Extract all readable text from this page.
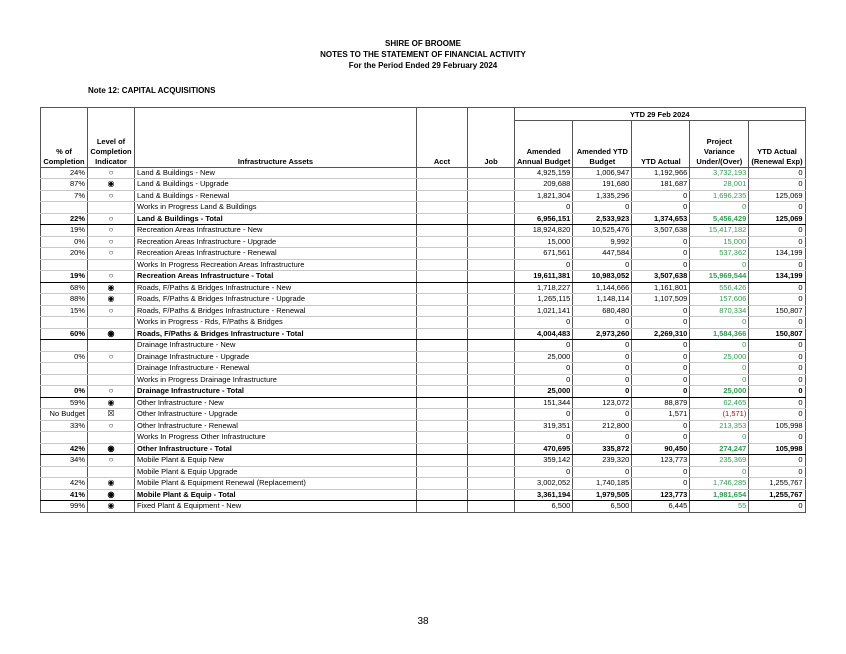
SHIRE OF BROOME
NOTES TO THE STATEMENT OF FINANCIAL ACTIVITY
For the Period Ended 29 February 2024
Note 12: CAPITAL ACQUISITIONS
					YTD 29 Feb 2024				
% of
Completion	Level of
Completion
Indicator	Infrastructure Assets	Acct	Job	Amended
Annual Budget	Amended YTD
Budget	YTD Actual	Project
Variance
Under/(Over)	YTD Actual
(Renewal Exp)
24%	○	Land & Buildings - New			4,925,159	1,006,947	1,192,966	3,732,193	0
87%	◉	Land & Buildings - Upgrade			209,688	191,680	181,687	28,001	0
7%	○	Land & Buildings - Renewal			1,821,304	1,335,296	0	1,696,235	125,069
		Works in Progress Land & Buildings			0	0	0	0	0
22%	○	Land & Buildings - Total			6,956,151	2,533,923	1,374,653	5,456,429	125,069
19%	○	Recreation Areas Infrastructure - New			18,924,820	10,525,476	3,507,638	15,417,182	0
0%	○	Recreation Areas Infrastructure - Upgrade			15,000	9,992	0	15,000	0
20%	○	Recreation Areas Infrastructure - Renewal			671,561	447,584	0	537,362	134,199
		Works In Progress Recreation Areas Infrastructure			0	0	0	0	0
19%	○	Recreation Areas Infrastructure - Total			19,611,381	10,983,052	3,507,638	15,969,544	134,199
68%	◉	Roads, F/Paths & Bridges Infrastructure - New			1,718,227	1,144,666	1,161,801	556,426	0
88%	◉	Roads, F/Paths & Bridges Infrastructure - Upgrade			1,265,115	1,148,114	1,107,509	157,606	0
15%	○	Roads, F/Paths & Bridges Infrastructure - Renewal			1,021,141	680,480	0	870,334	150,807
		Works in Progress - Rds, F/Paths & Bridges			0	0	0	0	0
60%	◉	Roads, F/Paths & Bridges Infrastructure - Total			4,004,483	2,973,260	2,269,310	1,584,366	150,807
		Drainage Infrastructure - New			0	0	0	0	0
0%	○	Drainage Infrastructure - Upgrade			25,000	0	0	25,000	0
		Drainage Infrastructure - Renewal			0	0	0	0	0
		Works in Progress Drainage Infrastructure			0	0	0	0	0
0%	○	Drainage Infrastructure - Total			25,000	0	0	25,000	0
59%	◉	Other Infrastructure - New			151,344	123,072	88,879	62,465	0
No Budget	☒	Other Infrastructure - Upgrade			0	0	1,571	(1,571)	0
33%	○	Other Infrastructure - Renewal			319,351	212,800	0	213,353	105,998
		Works In Progress Other Infrastructure			0	0	0	0	0
42%	◉	Other Infrastructure - Total			470,695	335,872	90,450	274,247	105,998
34%	○	Mobile Plant & Equip New			359,142	239,320	123,773	235,369	0
		Mobile Plant & Equip Upgrade			0	0	0	0	0
42%	◉	Mobile Plant & Equipment Renewal (Replacement)			3,002,052	1,740,185	0	1,746,285	1,255,767
41%	◉	Mobile Plant & Equip - Total			3,361,194	1,979,505	123,773	1,981,654	1,255,767
99%	◉	Fixed Plant & Equipment - New			6,500	6,500	6,445	55	0
38
